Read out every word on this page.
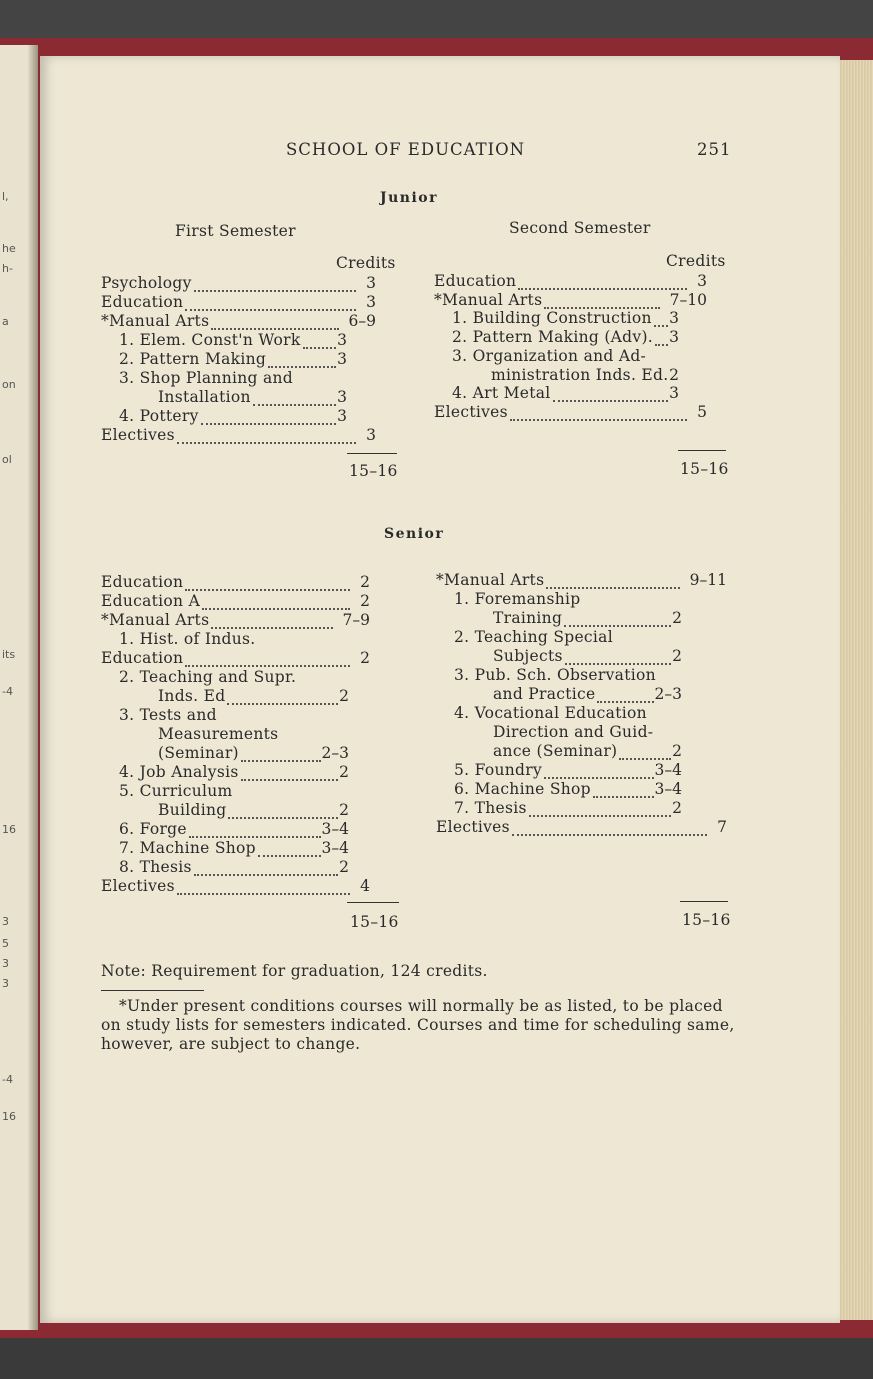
l,
he
h-
a
on
ol
its
-4
16
3
5
3
3
-4
16
SCHOOL OF EDUCATION	251
Junior
First Semester	Second Semester
Credits	Credits
15–16	15–16
Senior
15–16	15–16
Note: Requirement for graduation, 124 credits.
*Under present conditions courses will normally be as listed, to be placed
on study lists for semesters indicated. Courses and time for scheduling same,
however, are subject to change.
Psychology	3
Education	3
*Manual Arts	6–9
1. Elem. Const'n Work 3
2. Pattern Making	3
3. Shop Planning and
Installation	3
4. Pottery	3
Electives	3
Education	3
*Manual Arts	7–10
1. Building Construction 3
2. Pattern Making (Adv). 3
3. Organization and Ad-
ministration Inds. Ed. 2
4. Art Metal	3
Electives	5
Education	2
Education A	2
*Manual Arts	7–9
1. Hist. of Indus.
Education	2
2. Teaching and Supr.
Inds. Ed	2
3. Tests and
Measurements
(Seminar)	2–3
4. Job Analysis	2
5. Curriculum
Building	2
6. Forge	3–4
7. Machine Shop	3–4
8. Thesis	2
Electives	4
*Manual Arts	9–11
1. Foremanship
Training	2
2. Teaching Special
Subjects	2
3. Pub. Sch. Observation
and Practice	2–3
4. Vocational Education
Direction and Guid-
ance (Seminar)	2
5. Foundry	3–4
6. Machine Shop	3–4
7. Thesis	2
Electives	7
